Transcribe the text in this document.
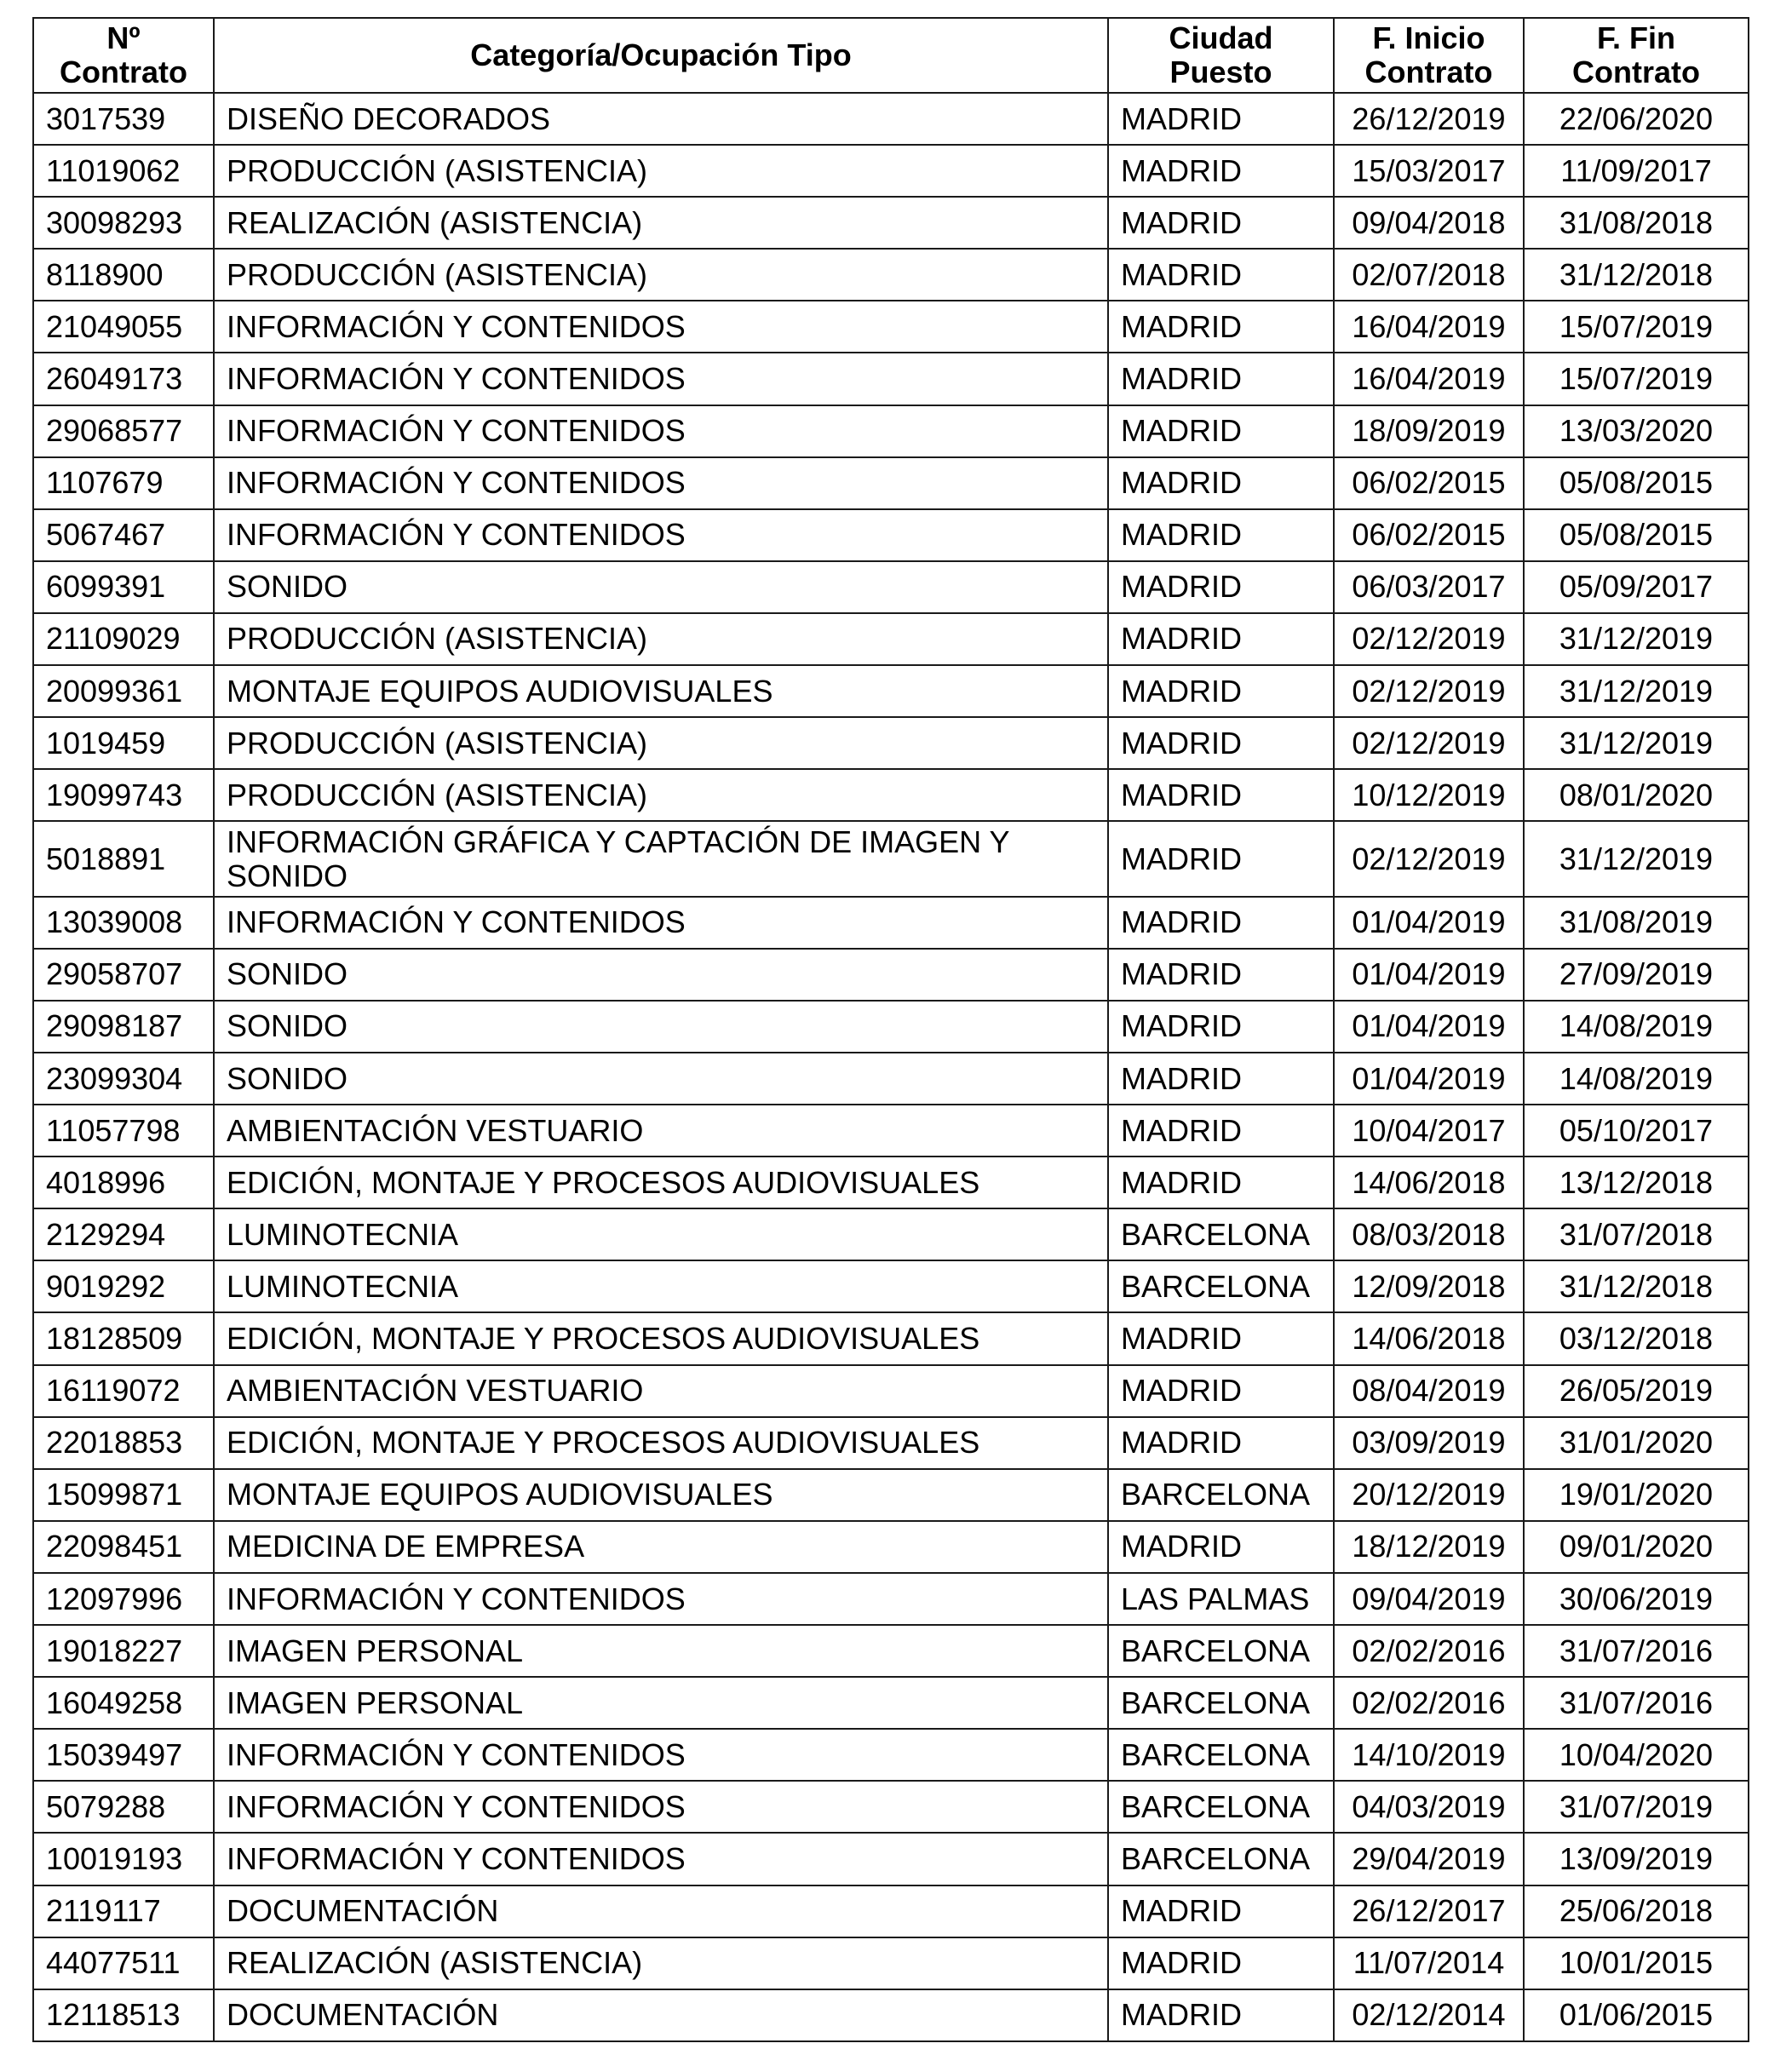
Nº Contrato	Categoría/Ocupación Tipo	Ciudad Puesto	F. Inicio Contrato	F. Fin Contrato
3017539	DISEÑO DECORADOS	MADRID	26/12/2019	22/06/2020
11019062	PRODUCCIÓN (ASISTENCIA)	MADRID	15/03/2017	11/09/2017
30098293	REALIZACIÓN (ASISTENCIA)	MADRID	09/04/2018	31/08/2018
8118900	PRODUCCIÓN (ASISTENCIA)	MADRID	02/07/2018	31/12/2018
21049055	INFORMACIÓN Y CONTENIDOS	MADRID	16/04/2019	15/07/2019
26049173	INFORMACIÓN Y CONTENIDOS	MADRID	16/04/2019	15/07/2019
29068577	INFORMACIÓN Y CONTENIDOS	MADRID	18/09/2019	13/03/2020
1107679	INFORMACIÓN Y CONTENIDOS	MADRID	06/02/2015	05/08/2015
5067467	INFORMACIÓN Y CONTENIDOS	MADRID	06/02/2015	05/08/2015
6099391	SONIDO	MADRID	06/03/2017	05/09/2017
21109029	PRODUCCIÓN (ASISTENCIA)	MADRID	02/12/2019	31/12/2019
20099361	MONTAJE EQUIPOS AUDIOVISUALES	MADRID	02/12/2019	31/12/2019
1019459	PRODUCCIÓN (ASISTENCIA)	MADRID	02/12/2019	31/12/2019
19099743	PRODUCCIÓN (ASISTENCIA)	MADRID	10/12/2019	08/01/2020
5018891	INFORMACIÓN GRÁFICA Y CAPTACIÓN DE IMAGEN Y SONIDO	MADRID	02/12/2019	31/12/2019
13039008	INFORMACIÓN Y CONTENIDOS	MADRID	01/04/2019	31/08/2019
29058707	SONIDO	MADRID	01/04/2019	27/09/2019
29098187	SONIDO	MADRID	01/04/2019	14/08/2019
23099304	SONIDO	MADRID	01/04/2019	14/08/2019
11057798	AMBIENTACIÓN VESTUARIO	MADRID	10/04/2017	05/10/2017
4018996	EDICIÓN, MONTAJE Y PROCESOS AUDIOVISUALES	MADRID	14/06/2018	13/12/2018
2129294	LUMINOTECNIA	BARCELONA	08/03/2018	31/07/2018
9019292	LUMINOTECNIA	BARCELONA	12/09/2018	31/12/2018
18128509	EDICIÓN, MONTAJE Y PROCESOS AUDIOVISUALES	MADRID	14/06/2018	03/12/2018
16119072	AMBIENTACIÓN VESTUARIO	MADRID	08/04/2019	26/05/2019
22018853	EDICIÓN, MONTAJE Y PROCESOS AUDIOVISUALES	MADRID	03/09/2019	31/01/2020
15099871	MONTAJE EQUIPOS AUDIOVISUALES	BARCELONA	20/12/2019	19/01/2020
22098451	MEDICINA DE EMPRESA	MADRID	18/12/2019	09/01/2020
12097996	INFORMACIÓN Y CONTENIDOS	LAS PALMAS	09/04/2019	30/06/2019
19018227	IMAGEN PERSONAL	BARCELONA	02/02/2016	31/07/2016
16049258	IMAGEN PERSONAL	BARCELONA	02/02/2016	31/07/2016
15039497	INFORMACIÓN Y CONTENIDOS	BARCELONA	14/10/2019	10/04/2020
5079288	INFORMACIÓN Y CONTENIDOS	BARCELONA	04/03/2019	31/07/2019
10019193	INFORMACIÓN Y CONTENIDOS	BARCELONA	29/04/2019	13/09/2019
2119117	DOCUMENTACIÓN	MADRID	26/12/2017	25/06/2018
44077511	REALIZACIÓN (ASISTENCIA)	MADRID	11/07/2014	10/01/2015
12118513	DOCUMENTACIÓN	MADRID	02/12/2014	01/06/2015
